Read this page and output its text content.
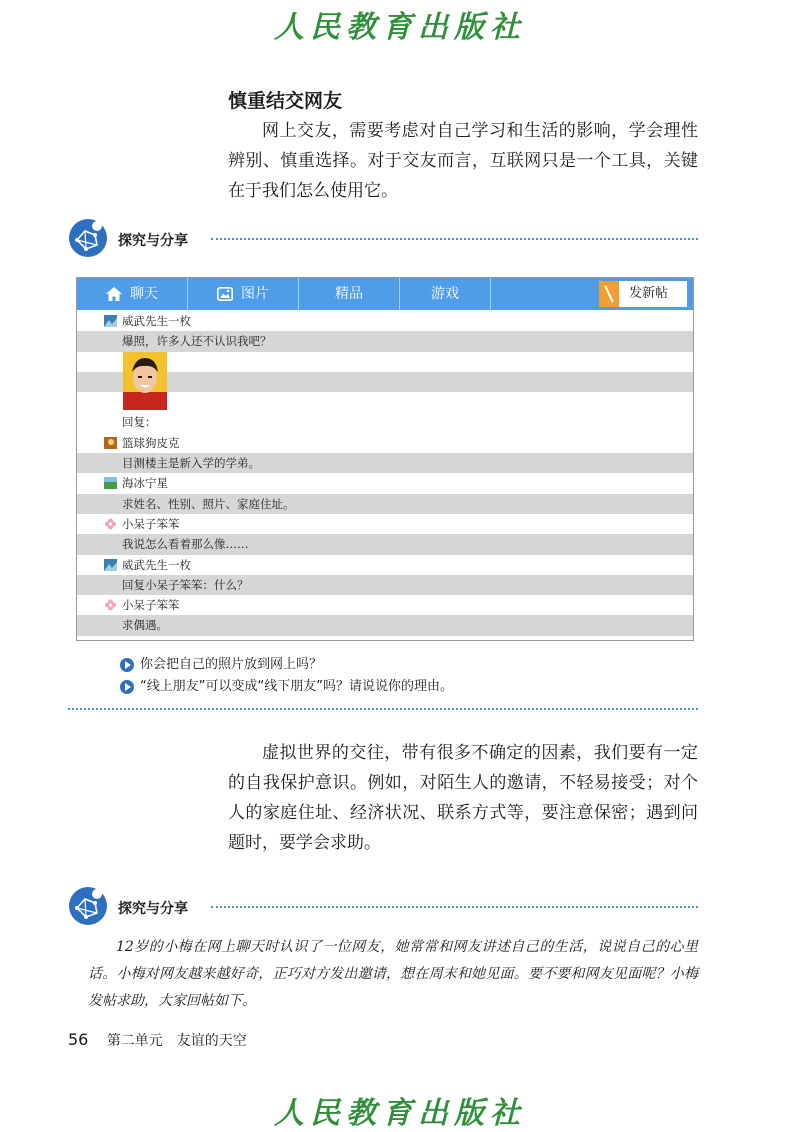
人民教育出版社
慎重结交网友
网上交友，需要考虑对自己学习和生活的影响，学会理性辨别、慎重选择。对于交友而言，互联网只是一个工具，关键在于我们怎么使用它。
探究与分享
聊天	图片	精品	游戏	发新帖
威武先生一枚
爆照，许多人还不认识我吧？
回复：
篮球狗皮克
目测楼主是新入学的学弟。
海冰宁星
求姓名、性别、照片、家庭住址。
小呆子笨笨
我说怎么看着那么像……
威武先生一枚
回复小呆子笨笨：什么？
小呆子笨笨
求偶遇。
你会把自己的照片放到网上吗？
“线上朋友”可以变成“线下朋友”吗？请说说你的理由。
虚拟世界的交往，带有很多不确定的因素，我们要有一定的自我保护意识。例如，对陌生人的邀请，不轻易接受；对个人的家庭住址、经济状况、联系方式等，要注意保密；遇到问题时，要学会求助。
探究与分享
12岁的小梅在网上聊天时认识了一位网友，她常常和网友讲述自己的生活，说说自己的心里话。小梅对网友越来越好奇，正巧对方发出邀请，想在周末和她见面。要不要和网友见面呢？小梅发帖求助，大家回帖如下。
56 第二单元　友谊的天空
人民教育出版社
